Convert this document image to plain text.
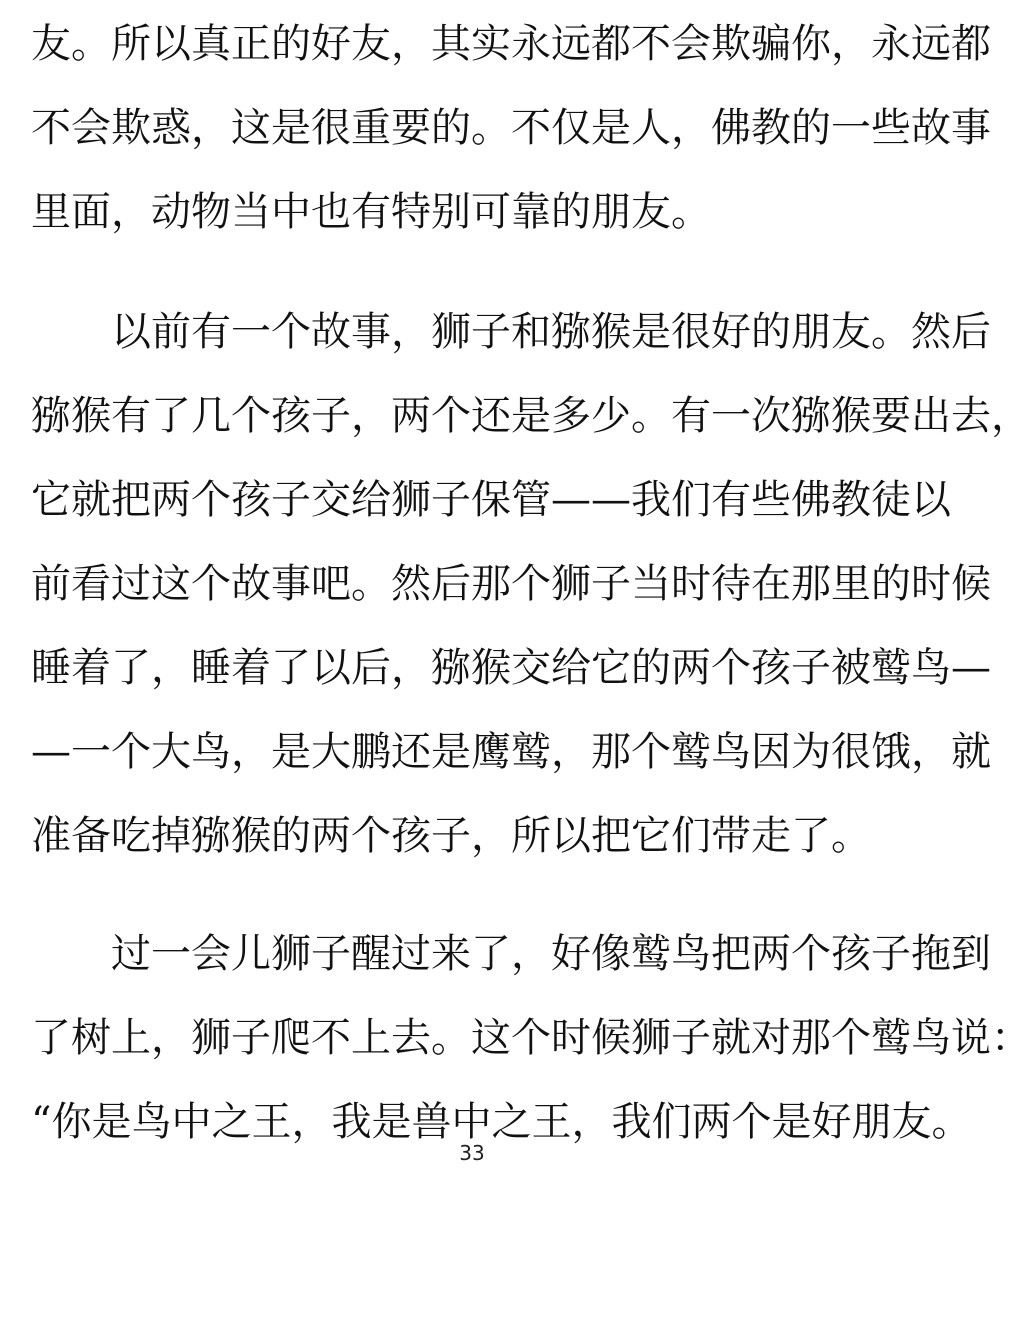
友。所以真正的好友，其实永远都不会欺骗你，永远都
不会欺惑，这是很重要的。不仅是人，佛教的一些故事
里面，动物当中也有特别可靠的朋友。
　　以前有一个故事，狮子和猕猴是很好的朋友。然后
猕猴有了几个孩子，两个还是多少。有一次猕猴要出去，
它就把两个孩子交给狮子保管——我们有些佛教徒以
前看过这个故事吧。然后那个狮子当时待在那里的时候
睡着了，睡着了以后，猕猴交给它的两个孩子被鹫鸟—
—一个大鸟，是大鹏还是鹰鹫，那个鹫鸟因为很饿，就
准备吃掉猕猴的两个孩子，所以把它们带走了。
　　过一会儿狮子醒过来了，好像鹫鸟把两个孩子拖到
了树上，狮子爬不上去。这个时候狮子就对那个鹫鸟说：
“你是鸟中之王，我是兽中之王，我们两个是好朋友。
33
